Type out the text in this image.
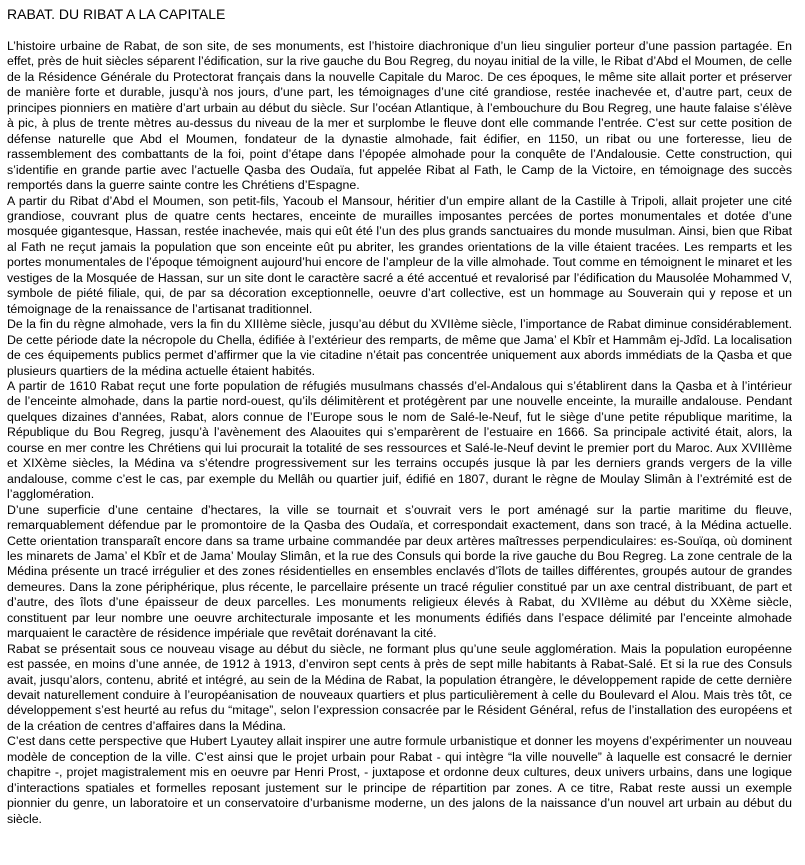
RABAT. DU RIBAT A LA CAPITALE

L’histoire urbaine de Rabat, de son site, de ses monuments, est l’histoire diachronique d’un lieu singulier porteur d’une passion partagée. En effet, près de huit siècles séparent l’édification, sur la rive gauche du Bou Regreg, du noyau initial de la ville, le Ribat d’Abd el Moumen, de celle de la Résidence Générale du Protectorat français dans la nouvelle Capitale du Maroc. De ces époques, le même site allait porter et préserver de manière forte et durable, jusqu’à nos jours, d’une part, les témoignages d’une cité grandiose, restée inachevée et, d’autre part, ceux de principes pionniers en matière d’art urbain au début du siècle. Sur l’océan Atlantique, à l’embouchure du Bou Regreg, une haute falaise s’élève à pic, à plus de trente mètres au-dessus du niveau de la mer et surplombe le fleuve dont elle commande l’entrée. C’est sur cette position de défense naturelle que Abd el Moumen, fondateur de la dynastie almohade, fait édifier, en 1150, un ribat ou une forteresse, lieu de rassemblement des combattants de la foi, point d’étape dans l’épopée almohade pour la conquête de l’Andalousie. Cette construction, qui s’identifie en grande partie avec l’actuelle Qasba des Oudaïa, fut appelée Ribat al Fath, le Camp de la Victoire, en témoignage des succès remportés dans la guerre sainte contre les Chrétiens d’Espagne.

A partir du Ribat d’Abd el Moumen, son petit-fils, Yacoub el Mansour, héritier d’un empire allant de la Castille à Tripoli, allait projeter une cité grandiose, couvrant plus de quatre cents hectares, enceinte de murailles imposantes percées de portes monumentales et dotée d’une mosquée gigantesque, Hassan, restée inachevée, mais qui eût été l’un des plus grands sanctuaires du monde musulman. Ainsi, bien que Ribat al Fath ne reçut jamais la population que son enceinte eût pu abriter, les grandes orientations de la ville étaient tracées. Les remparts et les portes monumentales de l’époque témoignent aujourd’hui encore de l’ampleur de la ville almohade. Tout comme en témoignent le minaret et les vestiges de la Mosquée de Hassan, sur un site dont le caractère sacré a été accentué et revalorisé par l’édification du Mausolée Mohammed V, symbole de piété filiale, qui, de par sa décoration exceptionnelle, oeuvre d’art collective, est un hommage au Souverain qui y repose et un témoignage de la renaissance de l’artisanat traditionnel.

De la fin du règne almohade, vers la fin du XIIIème siècle, jusqu’au début du XVIIème siècle, l’importance de Rabat diminue considérablement. De cette période date la nécropole du Chella, édifiée à l’extérieur des remparts, de même que Jama’ el Kbîr et Hammâm ej-Jdîd. La localisation de ces équipements publics permet d’affirmer que la vie citadine n’était pas concentrée uniquement aux abords immédiats de la Qasba et que plusieurs quartiers de la médina actuelle étaient habités.

A partir de 1610 Rabat reçut une forte population de réfugiés musulmans chassés d’el-Andalous qui s’établirent dans la Qasba et à l’intérieur de l’enceinte almohade, dans la partie nord-ouest, qu’ils délimitèrent et protégèrent par une nouvelle enceinte, la muraille andalouse. Pendant quelques dizaines d’années, Rabat, alors connue de l’Europe sous le nom de Salé-le-Neuf, fut le siège d’une petite république maritime, la République du Bou Regreg, jusqu’à l’avènement des Alaouites qui s’emparèrent de l’estuaire en 1666. Sa principale activité était, alors, la course en mer contre les Chrétiens qui lui procurait la totalité de ses ressources et Salé-le-Neuf devint le premier port du Maroc. Aux XVIIIème et XIXème siècles, la Médina va s’étendre progressivement sur les terrains occupés jusque là par les derniers grands vergers de la ville andalouse, comme c’est le cas, par exemple du Mellâh ou quartier juif, édifié en 1807, durant le règne de Moulay Slimân à l’extrémité est de l’agglomération.

D’une superficie d’une centaine d’hectares, la ville se tournait et s’ouvrait vers le port aménagé sur la partie maritime du fleuve, remarquablement défendue par le promontoire de la Qasba des Oudaïa, et correspondait exactement, dans son tracé, à la Médina actuelle. Cette orientation transparaît encore dans sa trame urbaine commandée par deux artères maîtresses perpendiculaires: es-Souïqa, où dominent les minarets de Jama’ el Kbîr et de Jama’ Moulay Slimân, et la rue des Consuls qui borde la rive gauche du Bou Regreg. La zone centrale de la Médina présente un tracé irrégulier et des zones résidentielles en ensembles enclavés d’îlots de tailles différentes, groupés autour de grandes demeures. Dans la zone périphérique, plus récente, le parcellaire présente un tracé régulier constitué par un axe central distribuant, de part et d’autre, des îlots d’une épaisseur de deux parcelles. Les monuments religieux élevés à Rabat, du XVIIème au début du XXème siècle, constituent par leur nombre une oeuvre architecturale imposante et les monuments édifiés dans l’espace délimité par l’enceinte almohade marquaient le caractère de résidence impériale que revêtait dorénavant la cité.

Rabat se présentait sous ce nouveau visage au début du siècle, ne formant plus qu’une seule agglomération. Mais la population européenne est passée, en moins d’une année, de 1912 à 1913, d’environ sept cents à près de sept mille habitants à Rabat-Salé. Et si la rue des Consuls avait, jusqu’alors, contenu, abrité et intégré, au sein de la Médina de Rabat, la population étrangère, le développement rapide de cette dernière devait naturellement conduire à l’européanisation de nouveaux quartiers et plus particulièrement à celle du Boulevard el Alou. Mais très tôt, ce développement s’est heurté au refus du “mitage”, selon l’expression consacrée par le Résident Général, refus de l’installation des européens et de la création de centres d’affaires dans la Médina.

C’est dans cette perspective que Hubert Lyautey allait inspirer une autre formule urbanistique et donner les moyens d’expérimenter un nouveau modèle de conception de la ville. C’est ainsi que le projet urbain pour Rabat - qui intègre “la ville nouvelle” à laquelle est consacré le dernier chapitre -, projet magistralement mis en oeuvre par Henri Prost, - juxtapose et ordonne deux cultures, deux univers urbains, dans une logique d’interactions spatiales et formelles reposant justement sur le principe de répartition par zones. A ce titre, Rabat reste aussi un exemple pionnier du genre, un laboratoire et un conservatoire d’urbanisme moderne, un des jalons de la naissance d’un nouvel art urbain au début du siècle.
